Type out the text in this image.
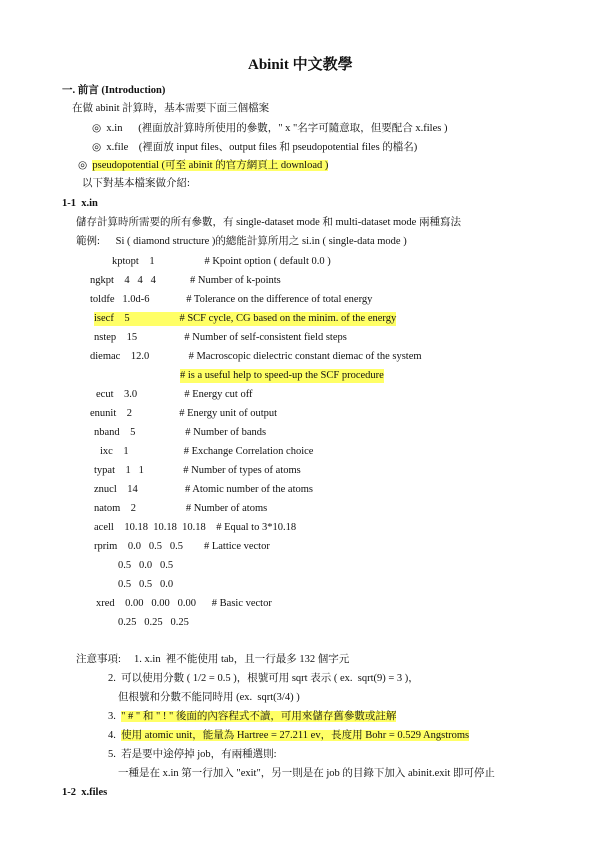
Abinit 中文教學
一. 前言 (Introduction)
在做 abinit 計算時，基本需要下面三個檔案
◎  x.in      (裡面放計算時所使用的參數，" x "名字可隨意取，但要配合 x.files )
◎  x.file    (裡面放 input files、output files 和 pseudopotential files 的檔名)
◎ pseudopotential (可至 abinit 的官方網頁上 download )
以下對基本檔案做介紹:
1-1  x.in
儲存計算時所需要的所有參數，有 single-dataset mode 和 multi-dataset mode 兩種寫法
範例:      Si ( diamond structure )的總能計算所用之 si.in ( single-data mode )
kptopt    1                   # Kpoint option ( default 0.0 )
ngkpt    4   4   4             # Number of k-points
toldfe   1.0d-6              # Tolerance on the difference of total energy
isecf    5                   # SCF cycle, CG based on the minim. of the energy
nstep    15                  # Number of self-consistent field steps
diemac    12.0               # Macroscopic dielectric constant diemac of the system
# is a useful help to speed-up the SCF procedure
ecut    3.0                  # Energy cut off
enunit    2                  # Energy unit of output
nband    5                   # Number of bands
ixc    1                     # Exchange Correlation choice
typat    1   1               # Number of types of atoms
znucl    14                  # Atomic number of the atoms
natom    2                   # Number of atoms
acell    10.18  10.18  10.18    # Equal to 3*10.18
rprim    0.0   0.5   0.5        # Lattice vector
0.5   0.0   0.5
0.5   0.5   0.0
xred    0.00   0.00   0.00      # Basic vector
0.25   0.25   0.25
注意事項:     1. x.in  裡不能使用 tab，且一行最多 132 個字元
2.  可以使用分數 ( 1/2 = 0.5 )，根號可用 sqrt 表示 ( ex.  sqrt(9) = 3 )，
但根號和分數不能同時用 (ex.  sqrt(3/4) )
3. " # " 和 " ! " 後面的內容程式不讀，可用來儲存舊參數或註解
4. 使用 atomic unit，能量為 Hartree = 27.211 ev，長度用 Bohr = 0.529 Angstroms
5.  若是要中途停掉 job，有兩種選則:
一種是在 x.in 第一行加入 "exit"，另一則是在 job 的目錄下加入 abinit.exit 即可停止
1-2  x.files
